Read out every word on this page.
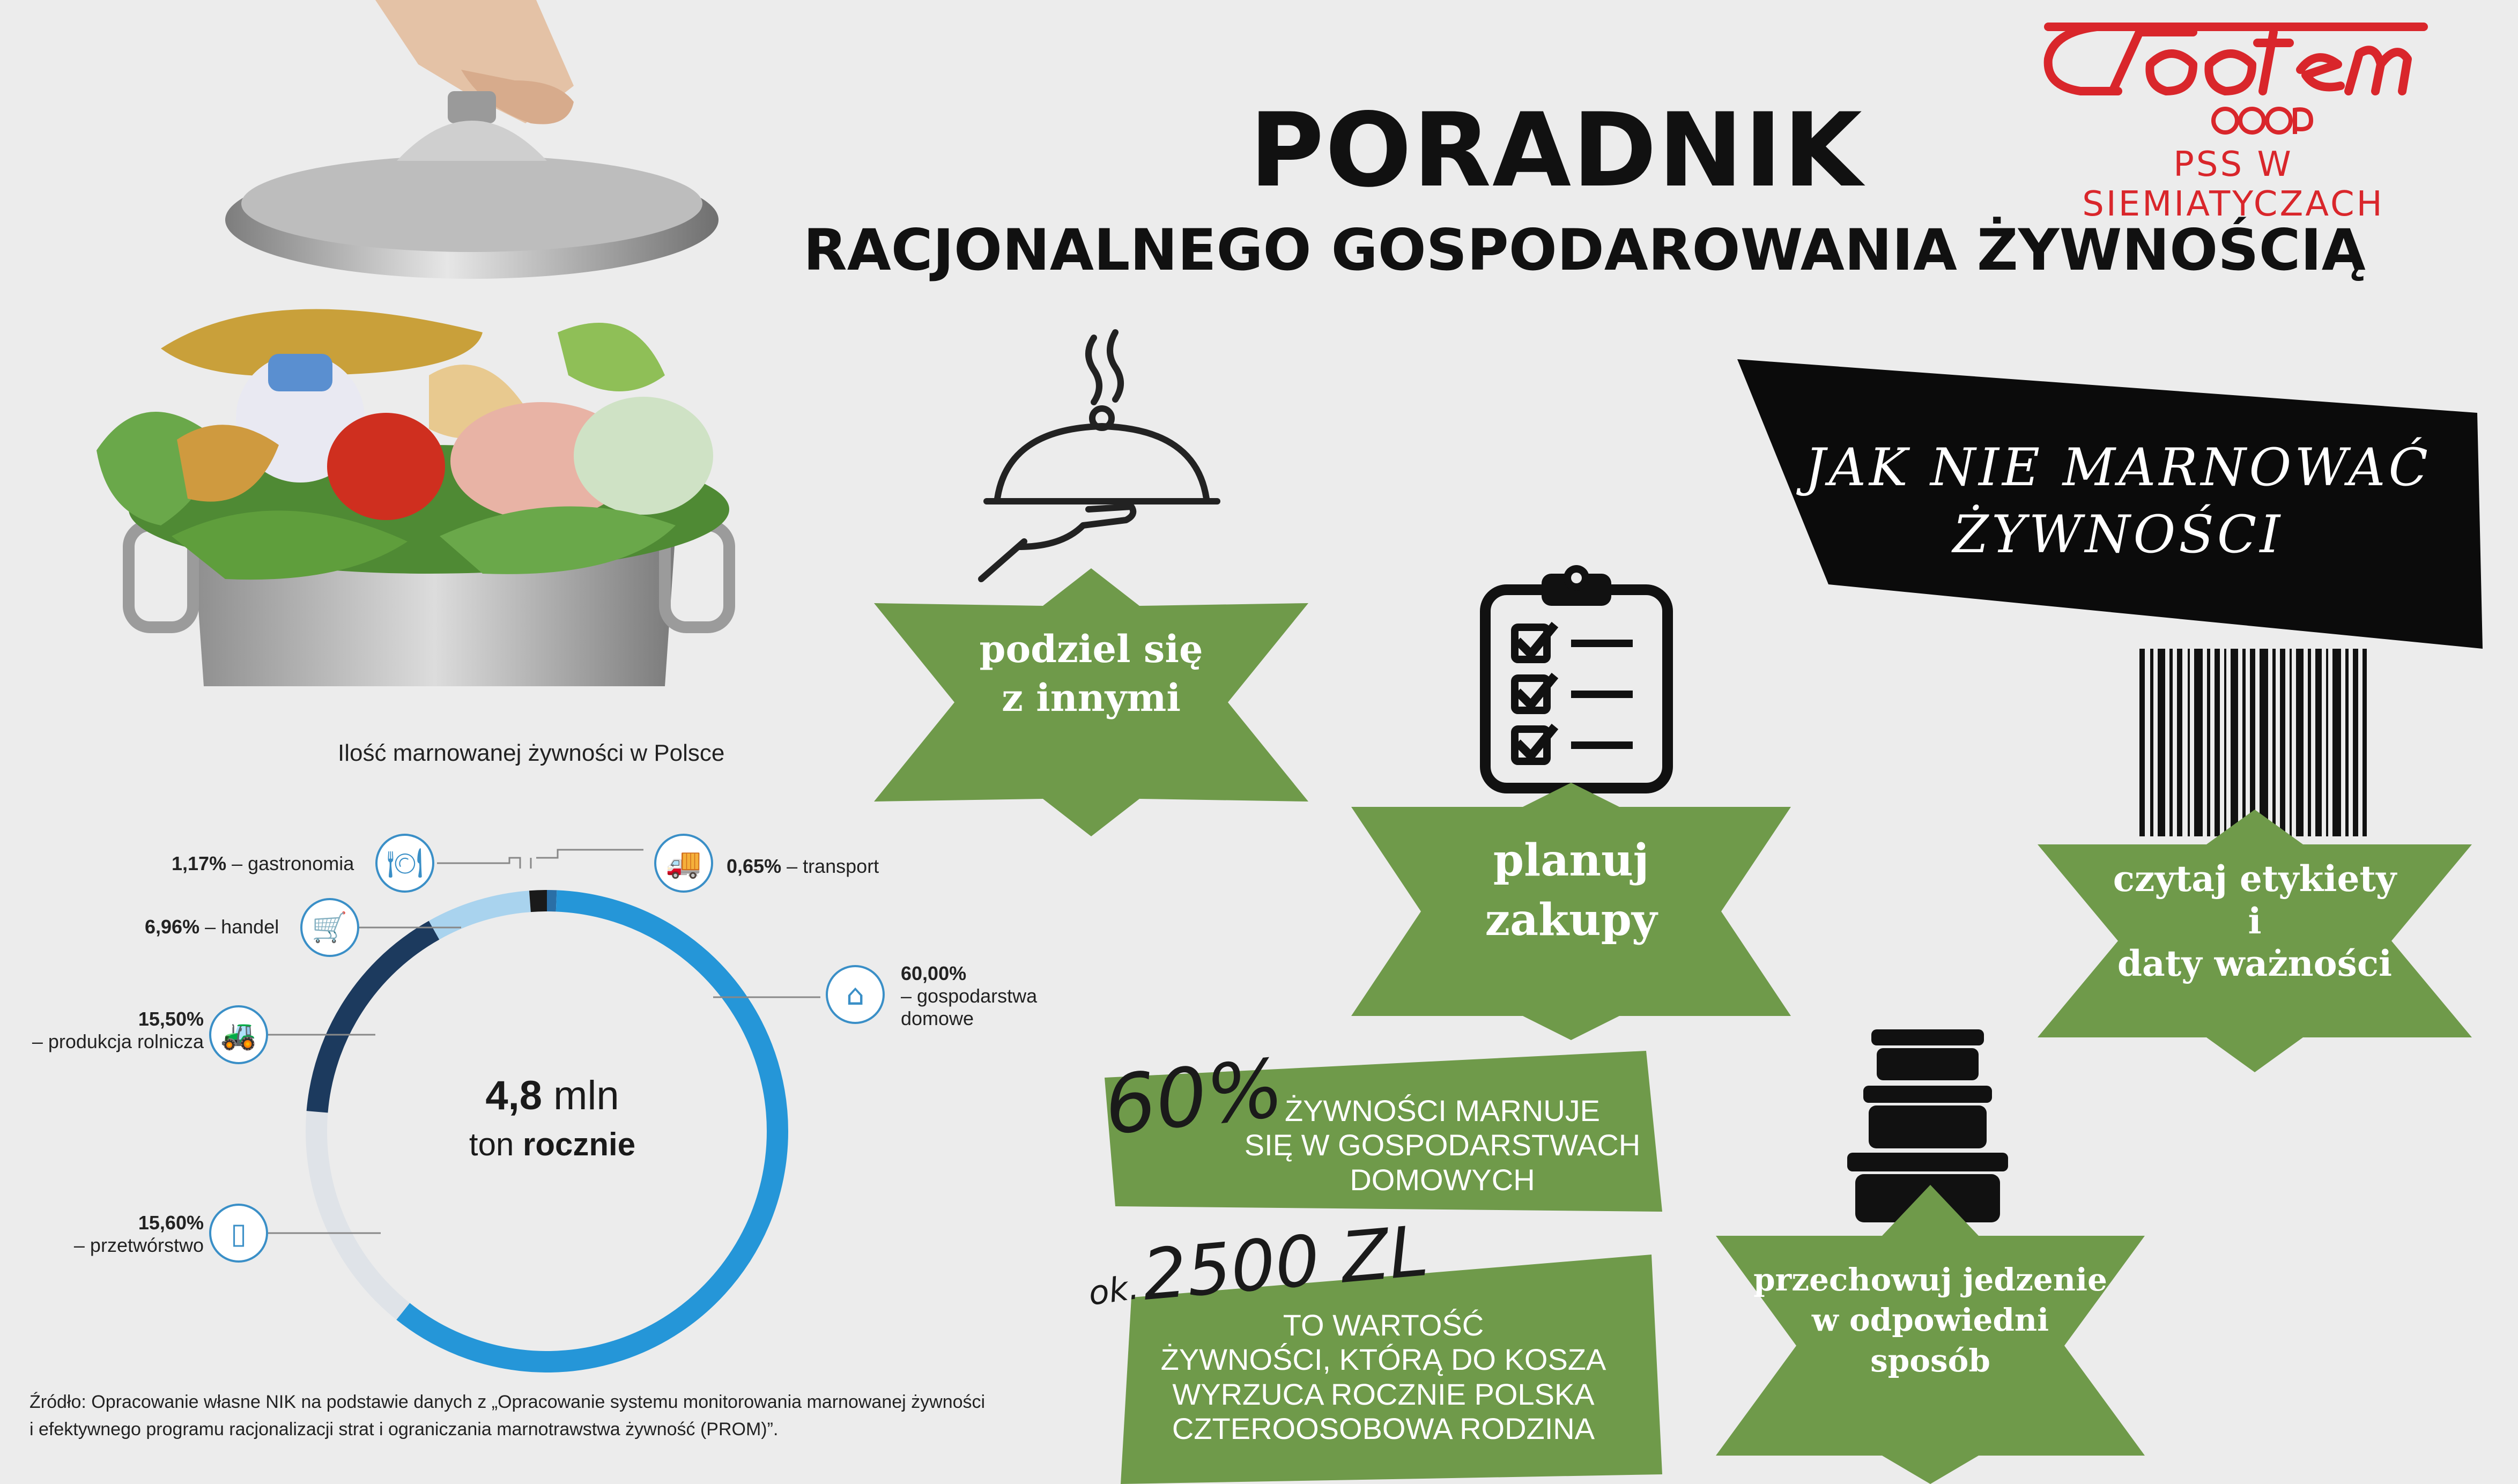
PORADNIK
RACJONALNEGO GOSPODAROWANIA ŻYWNOŚCIĄ
PSS W SIEMIATYCZACH
JAK NIE MARNOWAĆ
ŻYWNOŚCI
podziel się
z innymi
planuj
zakupy
czytaj etykiety
i
daty ważności
przechowuj jedzenie
w odpowiedni
sposób
60%
ŻYWNOŚCI MARNUJE
SIĘ W GOSPODARSTWACH
DOMOWYCH
ok.
2500 ZL
TO WARTOŚĆ
ŻYWNOŚCI, KTÓRĄ DO KOSZA
WYRZUCA ROCZNIE POLSKA
CZTEROOSOBOWA RODZINA
Ilość marnowanej żywności w Polsce
4,8 mln
ton rocznie
🍽	🚚
🛒
⌂
🚜
▯
1,17% – gastronomia	0,65% – transport
6,96% – handel
60,00%
– gospodarstwa domowe
15,50%
– produkcja rolnicza
15,60%
– przetwórstwo
Źródło: Opracowanie własne NIK na podstawie danych z „Opracowanie systemu monitorowania marnowanej żywności
i efektywnego programu racjonalizacji strat i ograniczania marnotrawstwa żywność (PROM)”.
